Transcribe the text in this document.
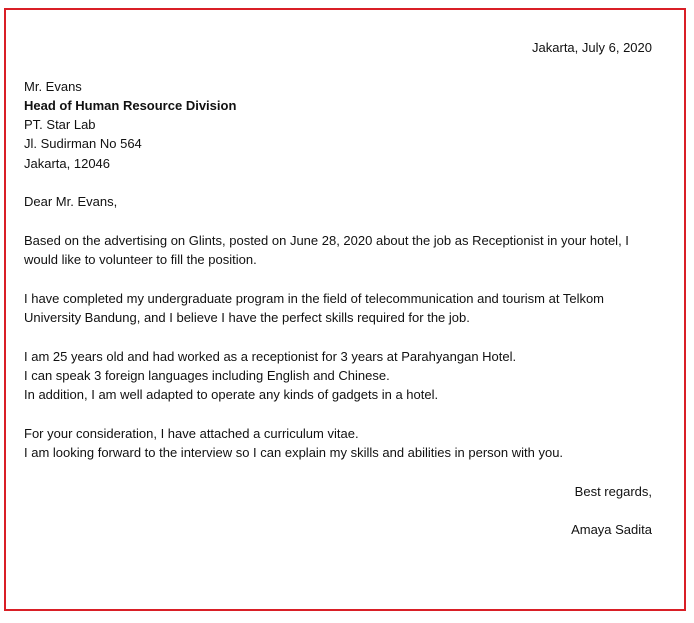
Jakarta, July 6, 2020

Mr. Evans
Head of Human Resource Division
PT. Star Lab
Jl. Sudirman No 564
Jakarta, 12046

Dear Mr. Evans,

Based on the advertising on Glints, posted on June 28, 2020 about the job as Receptionist in your hotel, I
would like to volunteer to fill the position.
I have completed my undergraduate program in the field of telecommunication and tourism at Telkom
University Bandung, and I believe I have the perfect skills required for the job.
I am 25 years old and had worked as a receptionist for 3 years at Parahyangan Hotel.
I can speak 3 foreign languages including English and Chinese.
In addition, I am well adapted to operate any kinds of gadgets in a hotel.
For your consideration, I have attached a curriculum vitae.
I am looking forward to the interview so I can explain my skills and abilities in person with you.

Best regards,

Amaya Sadita
